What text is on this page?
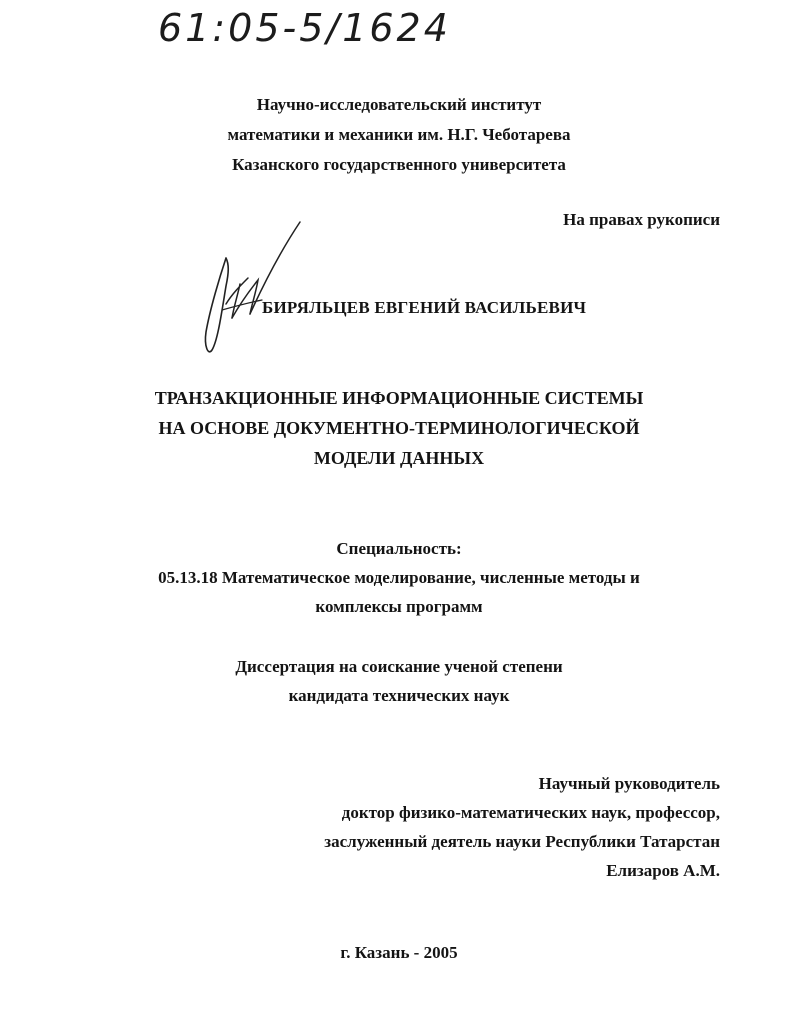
61:05-5/1624
Научно-исследовательский институт
математики и механики им. Н.Г. Чеботарева
Казанского государственного университета
На правах рукописи
БИРЯЛЬЦЕВ ЕВГЕНИЙ ВАСИЛЬЕВИЧ
ТРАНЗАКЦИОННЫЕ ИНФОРМАЦИОННЫЕ СИСТЕМЫ
НА ОСНОВЕ ДОКУМЕНТНО-ТЕРМИНОЛОГИЧЕСКОЙ
МОДЕЛИ ДАННЫХ
Специальность:
05.13.18 Математическое моделирование, численные методы и
комплексы программ
Диссертация на соискание ученой степени
кандидата технических наук
Научный руководитель
доктор физико-математических наук, профессор,
заслуженный деятель науки Республики Татарстан
Елизаров А.М.
г. Казань - 2005
